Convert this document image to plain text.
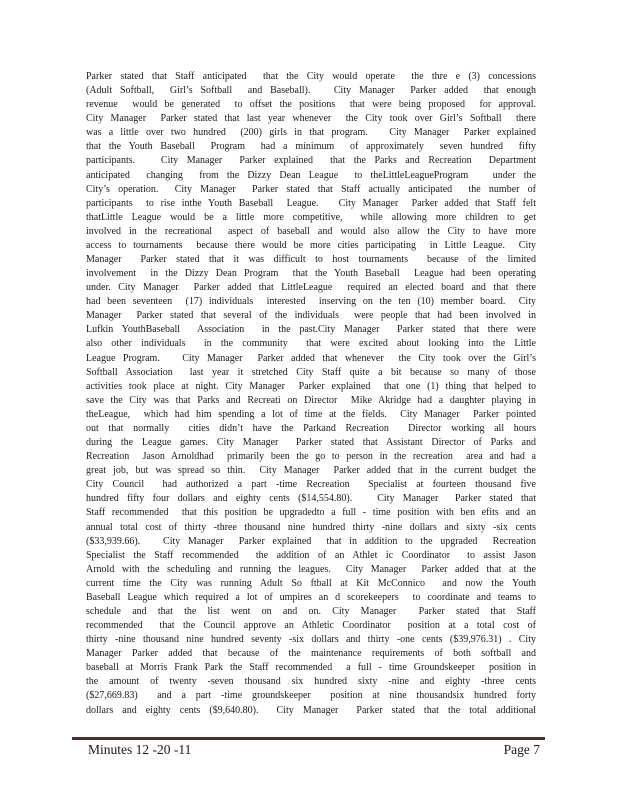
Parker stated that Staff anticipated  that the City would operate  the thre e (3) concessions
(Adult Softball,  Girl’s Softball  and Baseball).   City Manager  Parker added  that enough
revenue  would be generated  to offset the positions  that were being proposed  for approval.
City Manager  Parker stated that last year whenever  the City took over Girl’s Softball  there
was a little over two hundred  (200) girls in that program.   City Manager  Parker explained
that the Youth Baseball  Program  had a minimum  of approximately  seven hundred  fifty
participants.   City Manager  Parker explained  that the Parks and Recreation  Department
anticipated  changing  from the Dizzy Dean League  to theLittleLeagueProgram   under the
City’s operation.  City Manager  Parker stated that Staff actually anticipated  the number of
participants  to rise inthe Youth Baseball  League.   City Manager  Parker added that Staff felt
thatLittle League would be a little more competitive,  while allowing more children to get
involved in the recreational  aspect of baseball and would also allow the City to have more
access to tournaments  because there would be more cities participating  in Little League.  City
Manager  Parker stated that it was difficult to host tournaments  because of the limited
involvement  in the Dizzy Dean Program  that the Youth Baseball  League had been operating
under. City Manager  Parker added that LittleLeague  required an elected board and that there
had been seventeen  (17) individuals  interested  inserving on the ten (10) member board.  City
Manager  Parker stated that several of the individuals  were people that had been involved in
Lufkin YouthBaseball  Association  in the past.City Manager  Parker stated that there were
also other individuals  in the community  that were excited about looking into the Little
League Program.   City Manager  Parker added that whenever  the City took over the Girl’s
Softball Association  last year it stretched City Staff quite a bit because so many of those
activities took place at night. City Manager  Parker explained  that one (1) thing that helped to
save the City was that Parks and Recreati on Director  Mike Akridge had a daughter playing in
theLeague,  which had him spending a lot of time at the fields.  City Manager  Parker pointed
out that normally  cities didn’t have the Parkand Recreation  Director working all hours
during the League games. City Manager  Parker stated that Assistant Director of Parks and
Recreation  Jason Arnoldhad  primarily been the go to person in the recreation  area and had a
great job, but was spread so thin.  City Manager  Parker added that in the current budget the
City Council  had authorized a part -time Recreation  Specialist at fourteen thousand five
hundred fifty four dollars and eighty cents ($14,554.80).   City Manager  Parker stated that
Staff recommended  that this position be upgradedto a full - time position with ben efits and an
annual total cost of thirty -three thousand nine hundred thirty -nine dollars and sixty -six cents
($33,939.66).   City Manager  Parker explained  that in addition to the upgraded  Recreation
Specialist the Staff recommended  the addition of an Athlet ic Coordinator  to assist Jason
Arnold with the scheduling and running the leagues.  City Manager  Parker added that at the
current time the City was running Adult So ftball at Kit McConnico  and now the Youth
Baseball League which required a lot of umpires an d scorekeepers  to coordinate and teams to
schedule and that the list went on and on. City Manager  Parker stated that Staff
recommended  that the Council approve an Athletic Coordinator  position at a total cost of
thirty -nine thousand nine hundred seventy -six dollars and thirty -one cents ($39,976.31) . City
Manager Parker added that because of the maintenance requirements of both softball and
baseball at Morris Frank Park the Staff recommended  a full - time Groundskeeper  position in
the amount of twenty -seven thousand six hundred sixty -nine and eighty -three cents
($27,669.83)  and a part -time groundskeeper  position at nine thousandsix hundred forty
dollars and eighty cents ($9,640.80).  City Manager  Parker stated that the total additional
Minutes 12 -20 -11	Page 7
